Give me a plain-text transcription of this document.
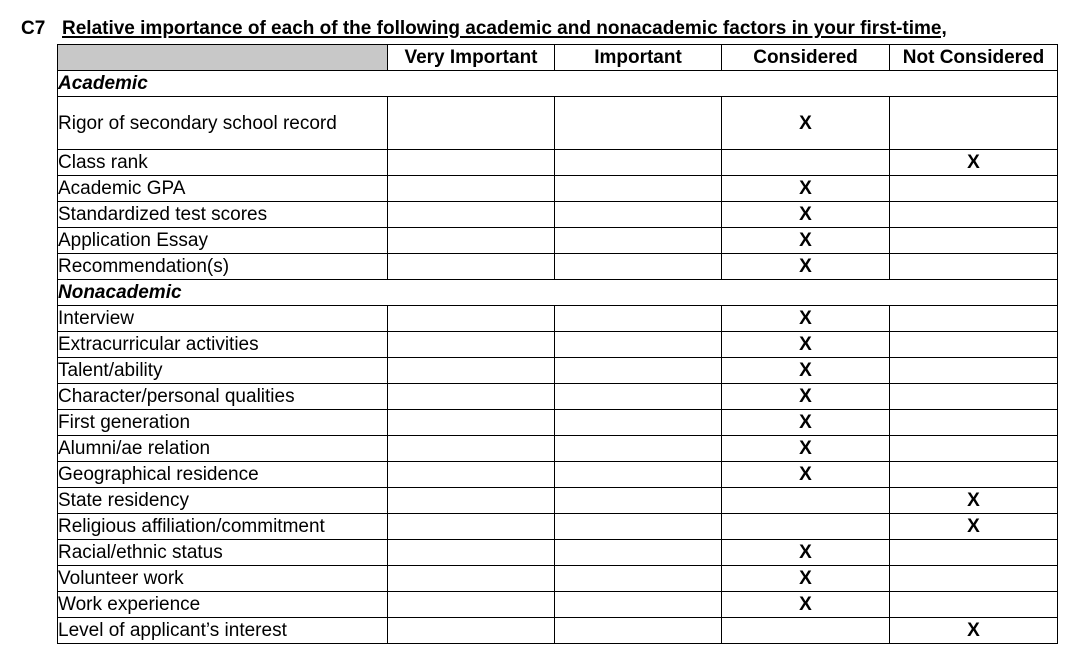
C7 Relative importance of each of the following academic and nonacademic factors in your first-time,
	Very Important	Important	Considered	Not Considered
Academic				
Rigor of secondary school record			X	
Class rank				X
Academic GPA			X	
Standardized test scores			X	
Application Essay			X	
Recommendation(s)			X	
Nonacademic				
Interview			X	
Extracurricular activities			X	
Talent/ability			X	
Character/personal qualities			X	
First generation			X	
Alumni/ae relation			X	
Geographical residence			X	
State residency				X
Religious affiliation/commitment				X
Racial/ethnic status			X	
Volunteer work			X	
Work experience			X	
Level of applicant’s interest				X
